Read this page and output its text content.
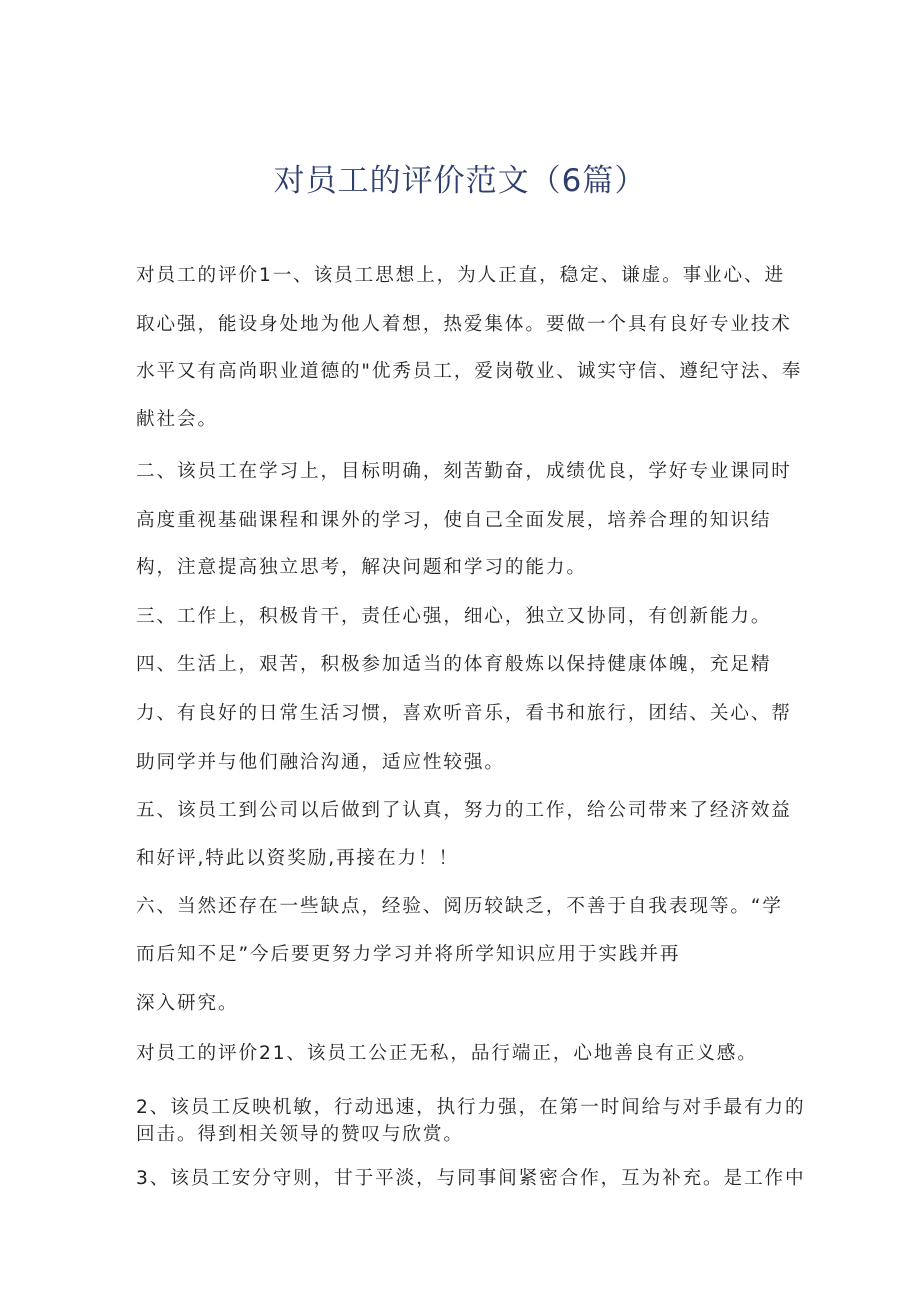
对员工的评价范文（6篇）
对员工的评价1一、该员工思想上，为人正直，稳定、谦虚。事业心、进
取心强，能设身处地为他人着想，热爱集体。要做一个具有良好专业技术
水平又有高尚职业道德的"优秀员工，爱岗敬业、诚实守信、遵纪守法、奉
献社会。
二、该员工在学习上，目标明确，刻苦勤奋，成绩优良，学好专业课同时
高度重视基础课程和课外的学习，使自己全面发展，培养合理的知识结
构，注意提高独立思考，解决问题和学习的能力。
三、工作上，积极肯干，责任心强，细心，独立又协同，有创新能力。
四、生活上，艰苦，积极参加适当的体育般炼以保持健康体魄，充足精
力、有良好的日常生活习惯，喜欢听音乐，看书和旅行，团结、关心、帮
助同学并与他们融洽沟通，适应性较强。
五、该员工到公司以后做到了认真，努力的工作，给公司带来了经济效益
和好评,特此以资奖励,再接在力！！
六、当然还存在一些缺点，经验、阅历较缺乏，不善于自我表现等。“学
而后知不足”今后要更努力学习并将所学知识应用于实践并再
深入研究。
对员工的评价21、该员工公正无私，品行端正，心地善良有正义感。
2、该员工反映机敏，行动迅速，执行力强，在第一时间给与对手最有力的
回击。得到相关领导的赞叹与欣赏。
3、该员工安分守则，甘于平淡，与同事间紧密合作，互为补充。是工作中
